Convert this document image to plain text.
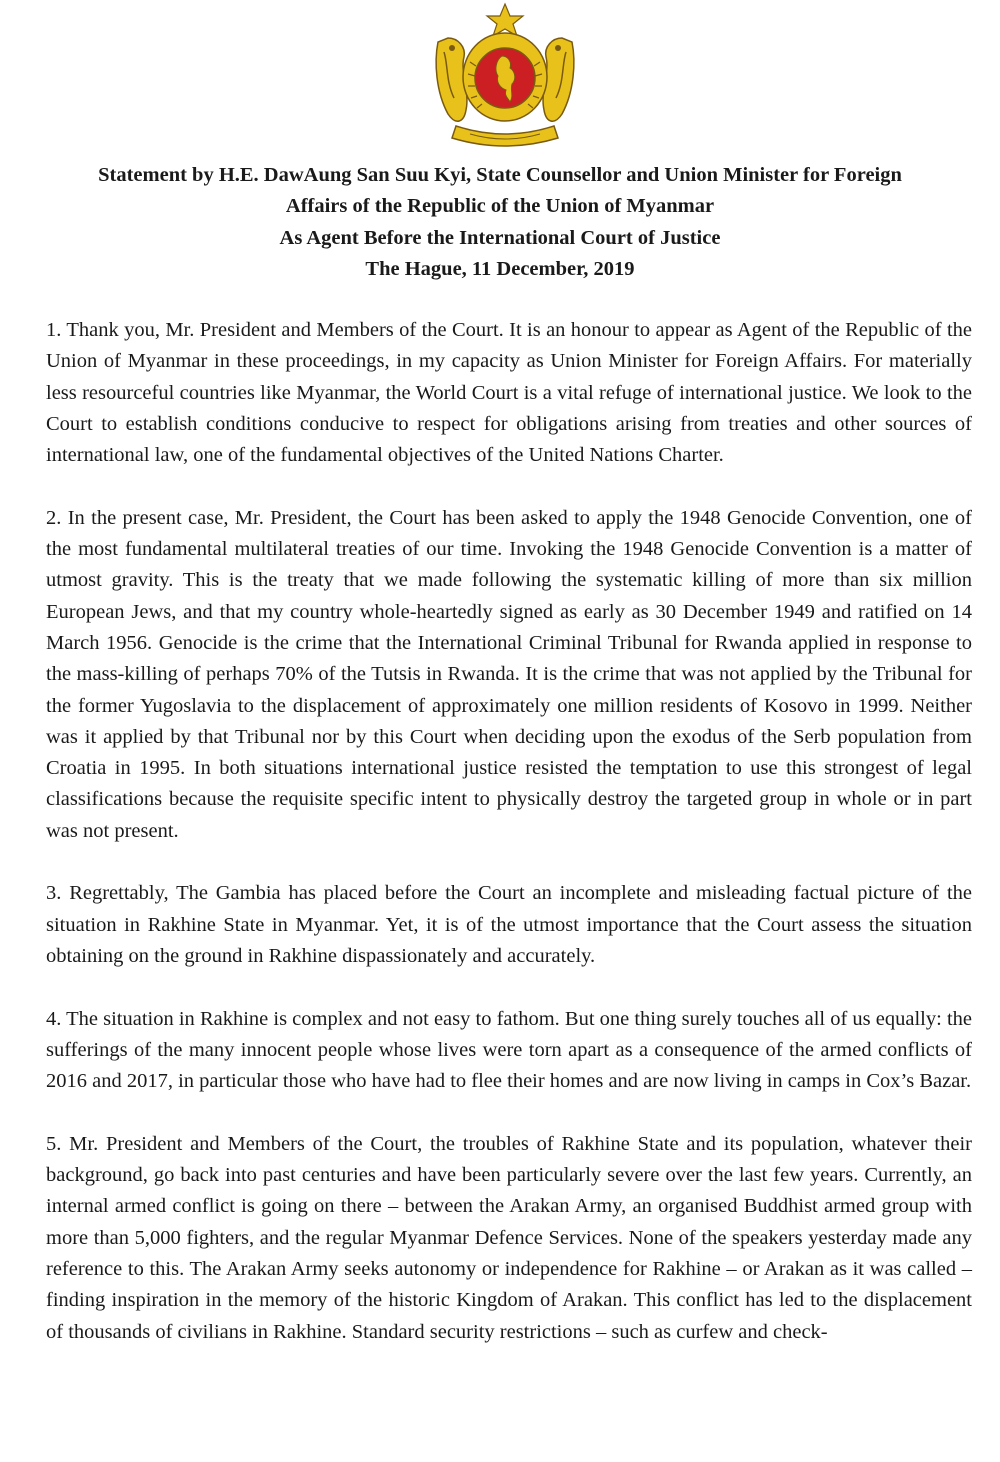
Statement by H.E. DawAung San Suu Kyi, State Counsellor and Union Minister for Foreign
Affairs of the Republic of the Union of Myanmar
As Agent Before the International Court of Justice
The Hague, 11 December, 2019

1. Thank you, Mr. President and Members of the Court. It is an honour to appear as Agent of the Republic of the Union of Myanmar in these proceedings, in my capacity as Union Minister for Foreign Affairs. For materially less resourceful countries like Myanmar, the World Court is a vital refuge of international justice. We look to the Court to establish conditions conducive to respect for obligations arising from treaties and other sources of international law, one of the fundamental objectives of the United Nations Charter.

2. In the present case, Mr. President, the Court has been asked to apply the 1948 Genocide Convention, one of the most fundamental multilateral treaties of our time. Invoking the 1948 Genocide Convention is a matter of utmost gravity. This is the treaty that we made following the systematic killing of more than six million European Jews, and that my country whole-heartedly signed as early as 30 December 1949 and ratified on 14 March 1956. Genocide is the crime that the International Criminal Tribunal for Rwanda applied in response to the mass-killing of perhaps 70% of the Tutsis in Rwanda. It is the crime that was not applied by the Tribunal for the former Yugoslavia to the displacement of approximately one million residents of Kosovo in 1999. Neither was it applied by that Tribunal nor by this Court when deciding upon the exodus of the Serb population from Croatia in 1995. In both situations international justice resisted the temptation to use this strongest of legal classifications because the requisite specific intent to physically destroy the targeted group in whole or in part was not present.

3. Regrettably, The Gambia has placed before the Court an incomplete and misleading factual picture of the situation in Rakhine State in Myanmar. Yet, it is of the utmost importance that the Court assess the situation obtaining on the ground in Rakhine dispassionately and accurately.

4. The situation in Rakhine is complex and not easy to fathom. But one thing surely touches all of us equally: the sufferings of the many innocent people whose lives were torn apart as a consequence of the armed conflicts of 2016 and 2017, in particular those who have had to flee their homes and are now living in camps in Cox’s Bazar.

5. Mr. President and Members of the Court, the troubles of Rakhine State and its population, whatever their background, go back into past centuries and have been particularly severe over the last few years. Currently, an internal armed conflict is going on there – between the Arakan Army, an organised Buddhist armed group with more than 5,000 fighters, and the regular Myanmar Defence Services. None of the speakers yesterday made any reference to this. The Arakan Army seeks autonomy or independence for Rakhine – or Arakan as it was called – finding inspiration in the memory of the historic Kingdom of Arakan. This conflict has led to the displacement of thousands of civilians in Rakhine. Standard security restrictions – such as curfew and check-
